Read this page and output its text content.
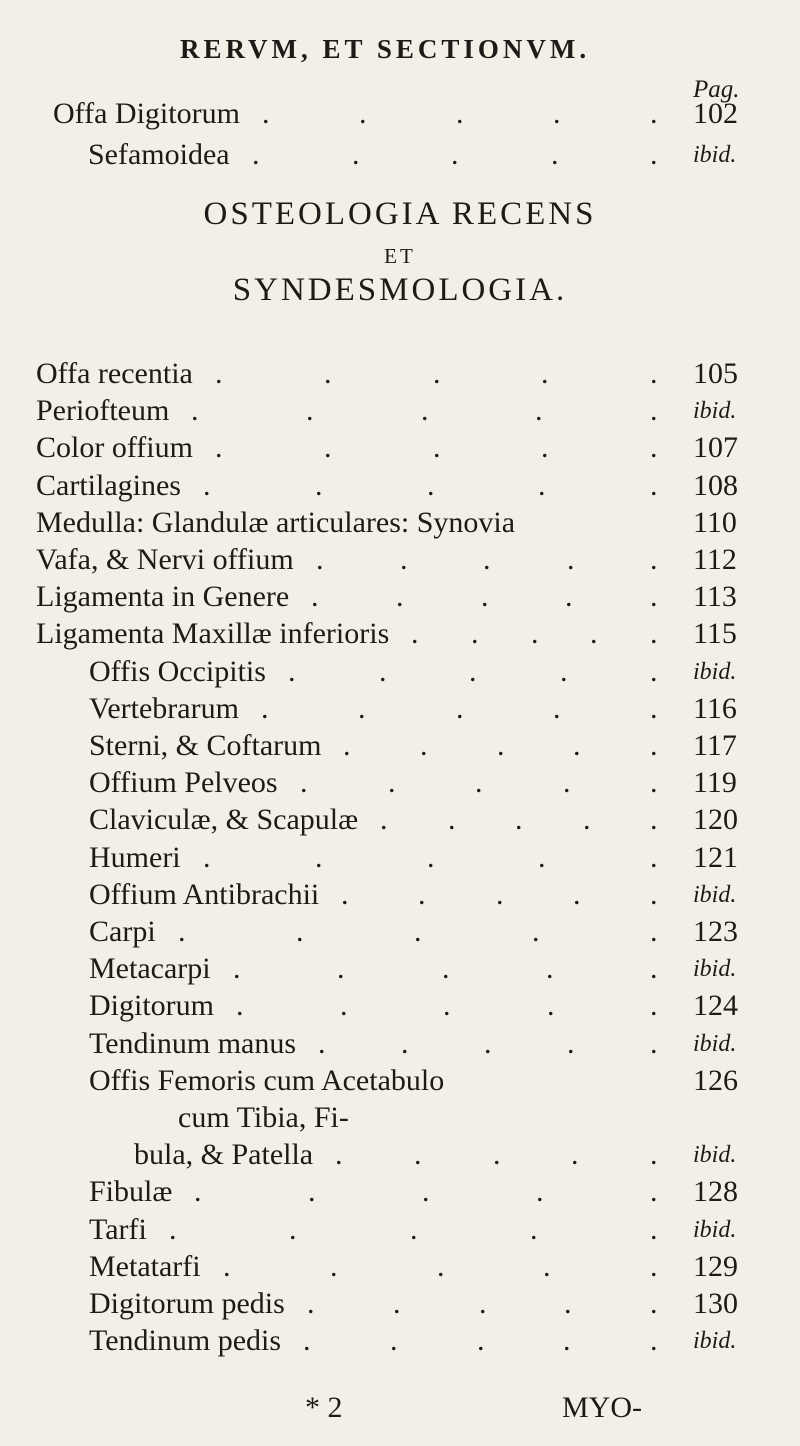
RERVM, ET SECTIONVM.
Pag.
Offa Digitorum .	.	.	.	. 102
Sefamoidea .	.	.	.	. ibid.
OSTEOLOGIA RECENS
ET
SYNDESMOLOGIA.
Offa recentia .	.	.	.	. 105
Periofteum .	.	.	.	. ibid.
Color offium .	.	.	.	. 107
Cartilagines .	.	.	.	. 108
Medulla: Glandulæ articulares: Synovia	110
Vafa, & Nervi offium .	.	.	.	. 112
Ligamenta in Genere .	.	.	.	. 113
Ligamenta Maxillæ inferioris . . . . . 115
Offis Occipitis .	.	.	.	. ibid.
Vertebrarum .	.	.	.	. 116
Sterni, & Coftarum . . . . . 117
Offium Pelveos .	.	.	.	. 119
Claviculæ, & Scapulæ . . . . . 120
Humeri .	.	.	.	. 121
Offium Antibrachii . . . . . ibid.
Carpi .	.	.	.	. 123
Metacarpi .	.	.	.	. ibid.
Digitorum .	.	.	.	. 124
Tendinum manus .	.	.	.	. ibid.
Offis Femoris cum Acetabulo	126
cum Tibia, Fi-
bula, & Patella . . . . . ibid.
Fibulæ .	.	.	.	. 128
Tarfi .	.	.	.	. ibid.
Metatarfi .	.	.	.	. 129
Digitorum pedis .	.	.	.	. 130
Tendinum pedis .	.	.	.	. ibid.
* 2	MYO-
